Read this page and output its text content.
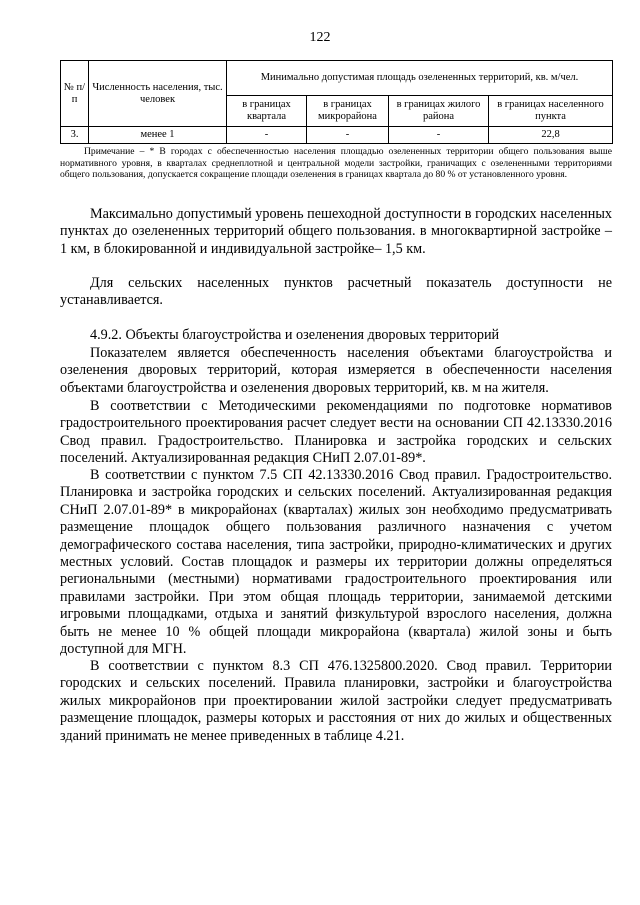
122
№ п/п	Численность населения, тыс. человек	Минимально допустимая площадь озелененных территорий, кв. м/чел.			
		в границах квартала	в границах микрорайона	в границах жилого района	в границах населенного пункта
3.	менее 1	-	-	-	22,8

Примечание – * В городах с обеспеченностью населения площадью озелененных территории общего пользования выше нормативного уровня, в кварталах среднеплотной и центральной модели застройки, граничащих с озелененными территориями общего пользования, допускается сокращение площади озеленения в границах квартала до 80 % от установленного уровня.

Максимально допустимый уровень пешеходной доступности в городских населенных пунктах до озелененных территорий общего пользования. в многоквартирной застройке – 1 км, в блокированной и индивидуальной застройке– 1,5 км.

Для сельских населенных пунктов расчетный показатель доступности не устанавливается.

4.9.2. Объекты благоустройства и озеленения дворовых территорий

Показателем является обеспеченность населения объектами благоустройства и озеленения дворовых территорий, которая измеряется в обеспеченности населения объектами благоустройства и озеленения дворовых территорий, кв. м на жителя.

В соответствии с Методическими рекомендациями по подготовке нормативов градостроительного проектирования расчет следует вести на основании СП 42.13330.2016 Свод правил. Градостроительство. Планировка и застройка городских и сельских поселений. Актуализированная редакция СНиП 2.07.01-89*.

В соответствии с пунктом 7.5 СП 42.13330.2016 Свод правил. Градостроительство. Планировка и застройка городских и сельских поселений. Актуализированная редакция СНиП 2.07.01-89* в микрорайонах (кварталах) жилых зон необходимо предусматривать размещение площадок общего пользования различного назначения с учетом демографического состава населения, типа застройки, природно-климатических и других местных условий. Состав площадок и размеры их территории должны определяться региональными (местными) нормативами градостроительного проектирования или правилами застройки. При этом общая площадь территории, занимаемой детскими игровыми площадками, отдыха и занятий физкультурой взрослого населения, должна быть не менее 10 % общей площади микрорайона (квартала) жилой зоны и быть доступной для МГН.

В соответствии с пунктом 8.3 СП 476.1325800.2020. Свод правил. Территории городских и сельских поселений. Правила планировки, застройки и благоустройства жилых микрорайонов при проектировании жилой застройки следует предусматривать размещение площадок, размеры которых и расстояния от них до жилых и общественных зданий принимать не менее приведенных в таблице 4.21.
